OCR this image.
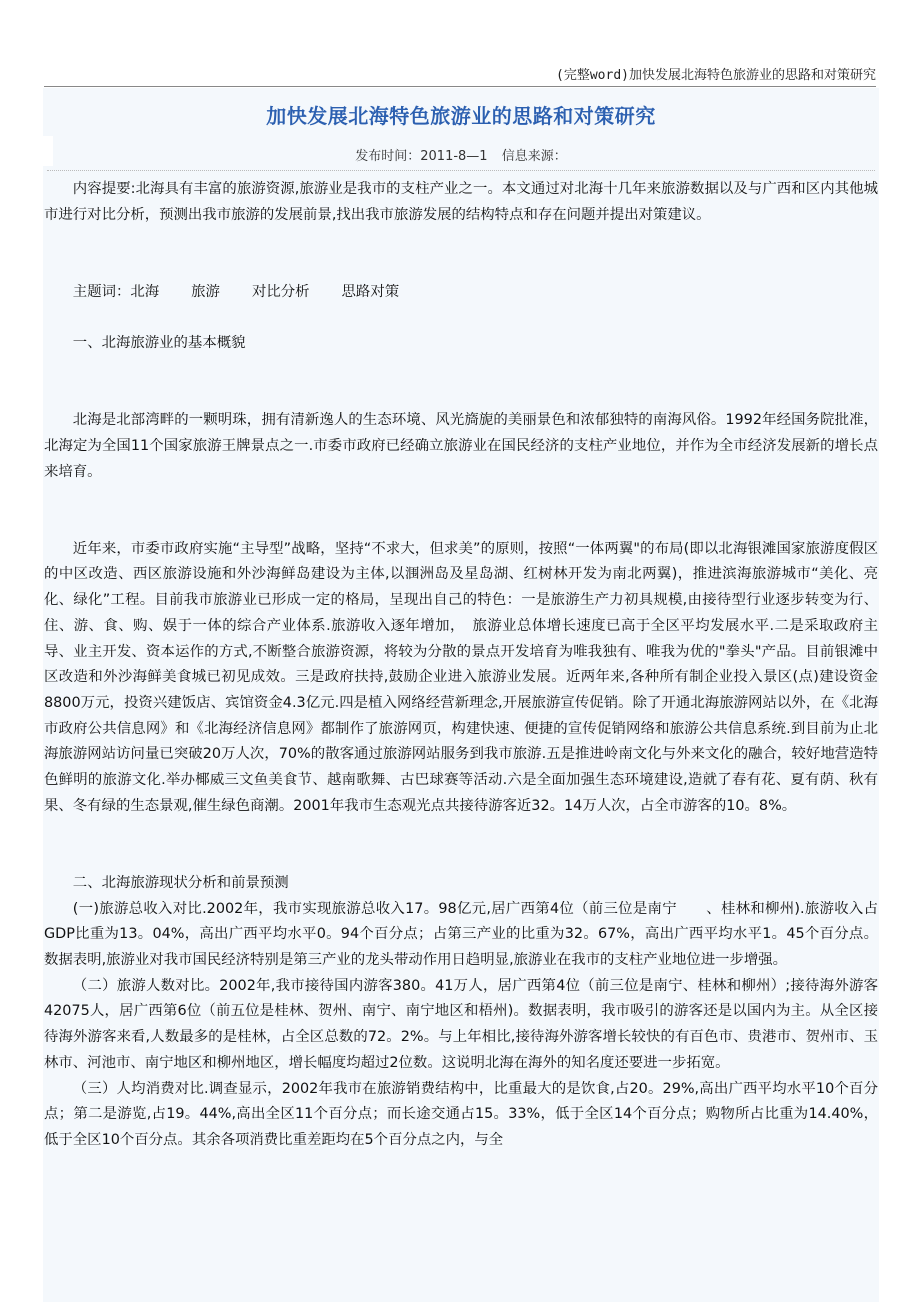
(完整word)加快发展北海特色旅游业的思路和对策研究
加快发展北海特色旅游业的思路和对策研究
发布时间：2011-8—1 信息来源：

内容提要:北海具有丰富的旅游资源,旅游业是我市的支柱产业之一。本文通过对北海十几年来旅游数据以及与广西和区内其他城市进行对比分析，预测出我市旅游的发展前景,找出我市旅游发展的结构特点和存在问题并提出对策建议。

主题词：北海 旅游 对比分析 思路对策

一、北海旅游业的基本概貌

北海是北部湾畔的一颗明珠，拥有清新逸人的生态环境、风光旖旎的美丽景色和浓郁独特的南海风俗。1992年经国务院批准，北海定为全国11个国家旅游王牌景点之一.市委市政府已经确立旅游业在国民经济的支柱产业地位，并作为全市经济发展新的增长点来培育。

近年来，市委市政府实施“主导型”战略，坚持“不求大，但求美”的原则，按照“一体两翼"的布局(即以北海银滩国家旅游度假区的中区改造、西区旅游设施和外沙海鲜岛建设为主体,以涠洲岛及星岛湖、红树林开发为南北两翼)，推进滨海旅游城市“美化、亮化、绿化”工程。目前我市旅游业已形成一定的格局，呈现出自己的特色：一是旅游生产力初具规模,由接待型行业逐步转变为行、住、游、食、购、娱于一体的综合产业体系.旅游收入逐年增加，　旅游业总体增长速度已高于全区平均发展水平.二是采取政府主导、业主开发、资本运作的方式,不断整合旅游资源，将较为分散的景点开发培育为唯我独有、唯我为优的"拳头"产品。目前银滩中区改造和外沙海鲜美食城已初见成效。三是政府扶持,鼓励企业进入旅游业发展。近两年来,各种所有制企业投入景区(点)建设资金8800万元，投资兴建饭店、宾馆资金4.3亿元.四是植入网络经营新理念,开展旅游宣传促销。除了开通北海旅游网站以外，在《北海市政府公共信息网》和《北海经济信息网》都制作了旅游网页，构建快速、便捷的宣传促销网络和旅游公共信息系统.到目前为止北海旅游网站访问量已突破20万人次，70%的散客通过旅游网站服务到我市旅游.五是推进岭南文化与外来文化的融合，较好地营造特色鲜明的旅游文化.举办椰威三文鱼美食节、越南歌舞、古巴球赛等活动.六是全面加强生态环境建设,造就了春有花、夏有荫、秋有果、冬有绿的生态景观,催生绿色商潮。2001年我市生态观光点共接待游客近32。14万人次，占全市游客的10。8%。

二、北海旅游现状分析和前景预测

(一)旅游总收入对比.2002年，我市实现旅游总收入17。98亿元,居广西第4位（前三位是南宁　　、桂林和柳州).旅游收入占GDP比重为13。04%，高出广西平均水平0。94个百分点；占第三产业的比重为32。67%，高出广西平均水平1。45个百分点。数据表明,旅游业对我市国民经济特别是第三产业的龙头带动作用日趋明显,旅游业在我市的支柱产业地位进一步增强。

（二）旅游人数对比。2002年,我市接待国内游客380。41万人，居广西第4位（前三位是南宁、桂林和柳州）;接待海外游客42075人，居广西第6位（前五位是桂林、贺州、南宁、南宁地区和梧州)。数据表明，我市吸引的游客还是以国内为主。从全区接待海外游客来看,人数最多的是桂林，占全区总数的72。2%。与上年相比,接待海外游客增长较快的有百色市、贵港市、贺州市、玉林市、河池市、南宁地区和柳州地区，增长幅度均超过2位数。这说明北海在海外的知名度还要进一步拓宽。

（三）人均消费对比.调查显示，2002年我市在旅游销费结构中，比重最大的是饮食,占20。29%,高出广西平均水平10个百分点；第二是游览,占19。44%,高出全区11个百分点；而长途交通占15。33%，低于全区14个百分点；购物所占比重为14.40%，低于全区10个百分点。其余各项消费比重差距均在5个百分点之内，与全
